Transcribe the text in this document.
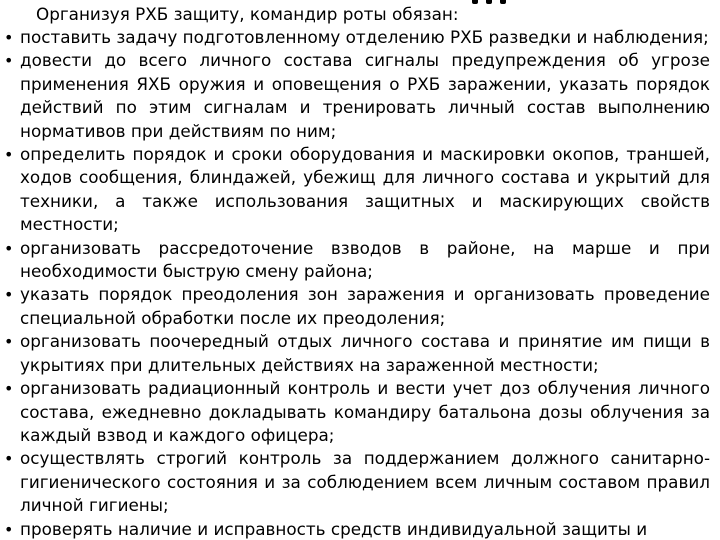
Организуя РХБ защиту, командир роты обязан:
• поставить задачу подготовленному отделению РХБ разведки и наблюдения;
• довести до всего личного состава сигналы предупреждения об угрозе применения ЯХБ оружия и оповещения о РХБ заражении, указать порядок действий по этим сигналам и тренировать личный состав выполнению нормативов при действиям по ним;
• определить порядок и сроки оборудования и маскировки окопов, траншей, ходов сообщения, блиндажей, убежищ для личного состава и укрытий для техники, а также использования защитных и маскирующих свойств местности;
• организовать рассредоточение взводов в районе, на марше и при необходимости быструю смену района;
• указать порядок преодоления зон заражения и организовать проведение специальной обработки после их преодоления;
• организовать поочередный отдых личного состава и принятие им пищи в укрытиях при длительных действиях на зараженной местности;
• организовать радиационный контроль и вести учет доз облучения личного состава, ежедневно докладывать командиру батальона дозы облучения за каждый взвод и каждого офицера;
• осуществлять строгий контроль за поддержанием должного санитарно-гигиенического состояния и за соблюдением всем личным составом правил личной гигиены;
• проверять наличие и исправность средств индивидуальной защиты и
